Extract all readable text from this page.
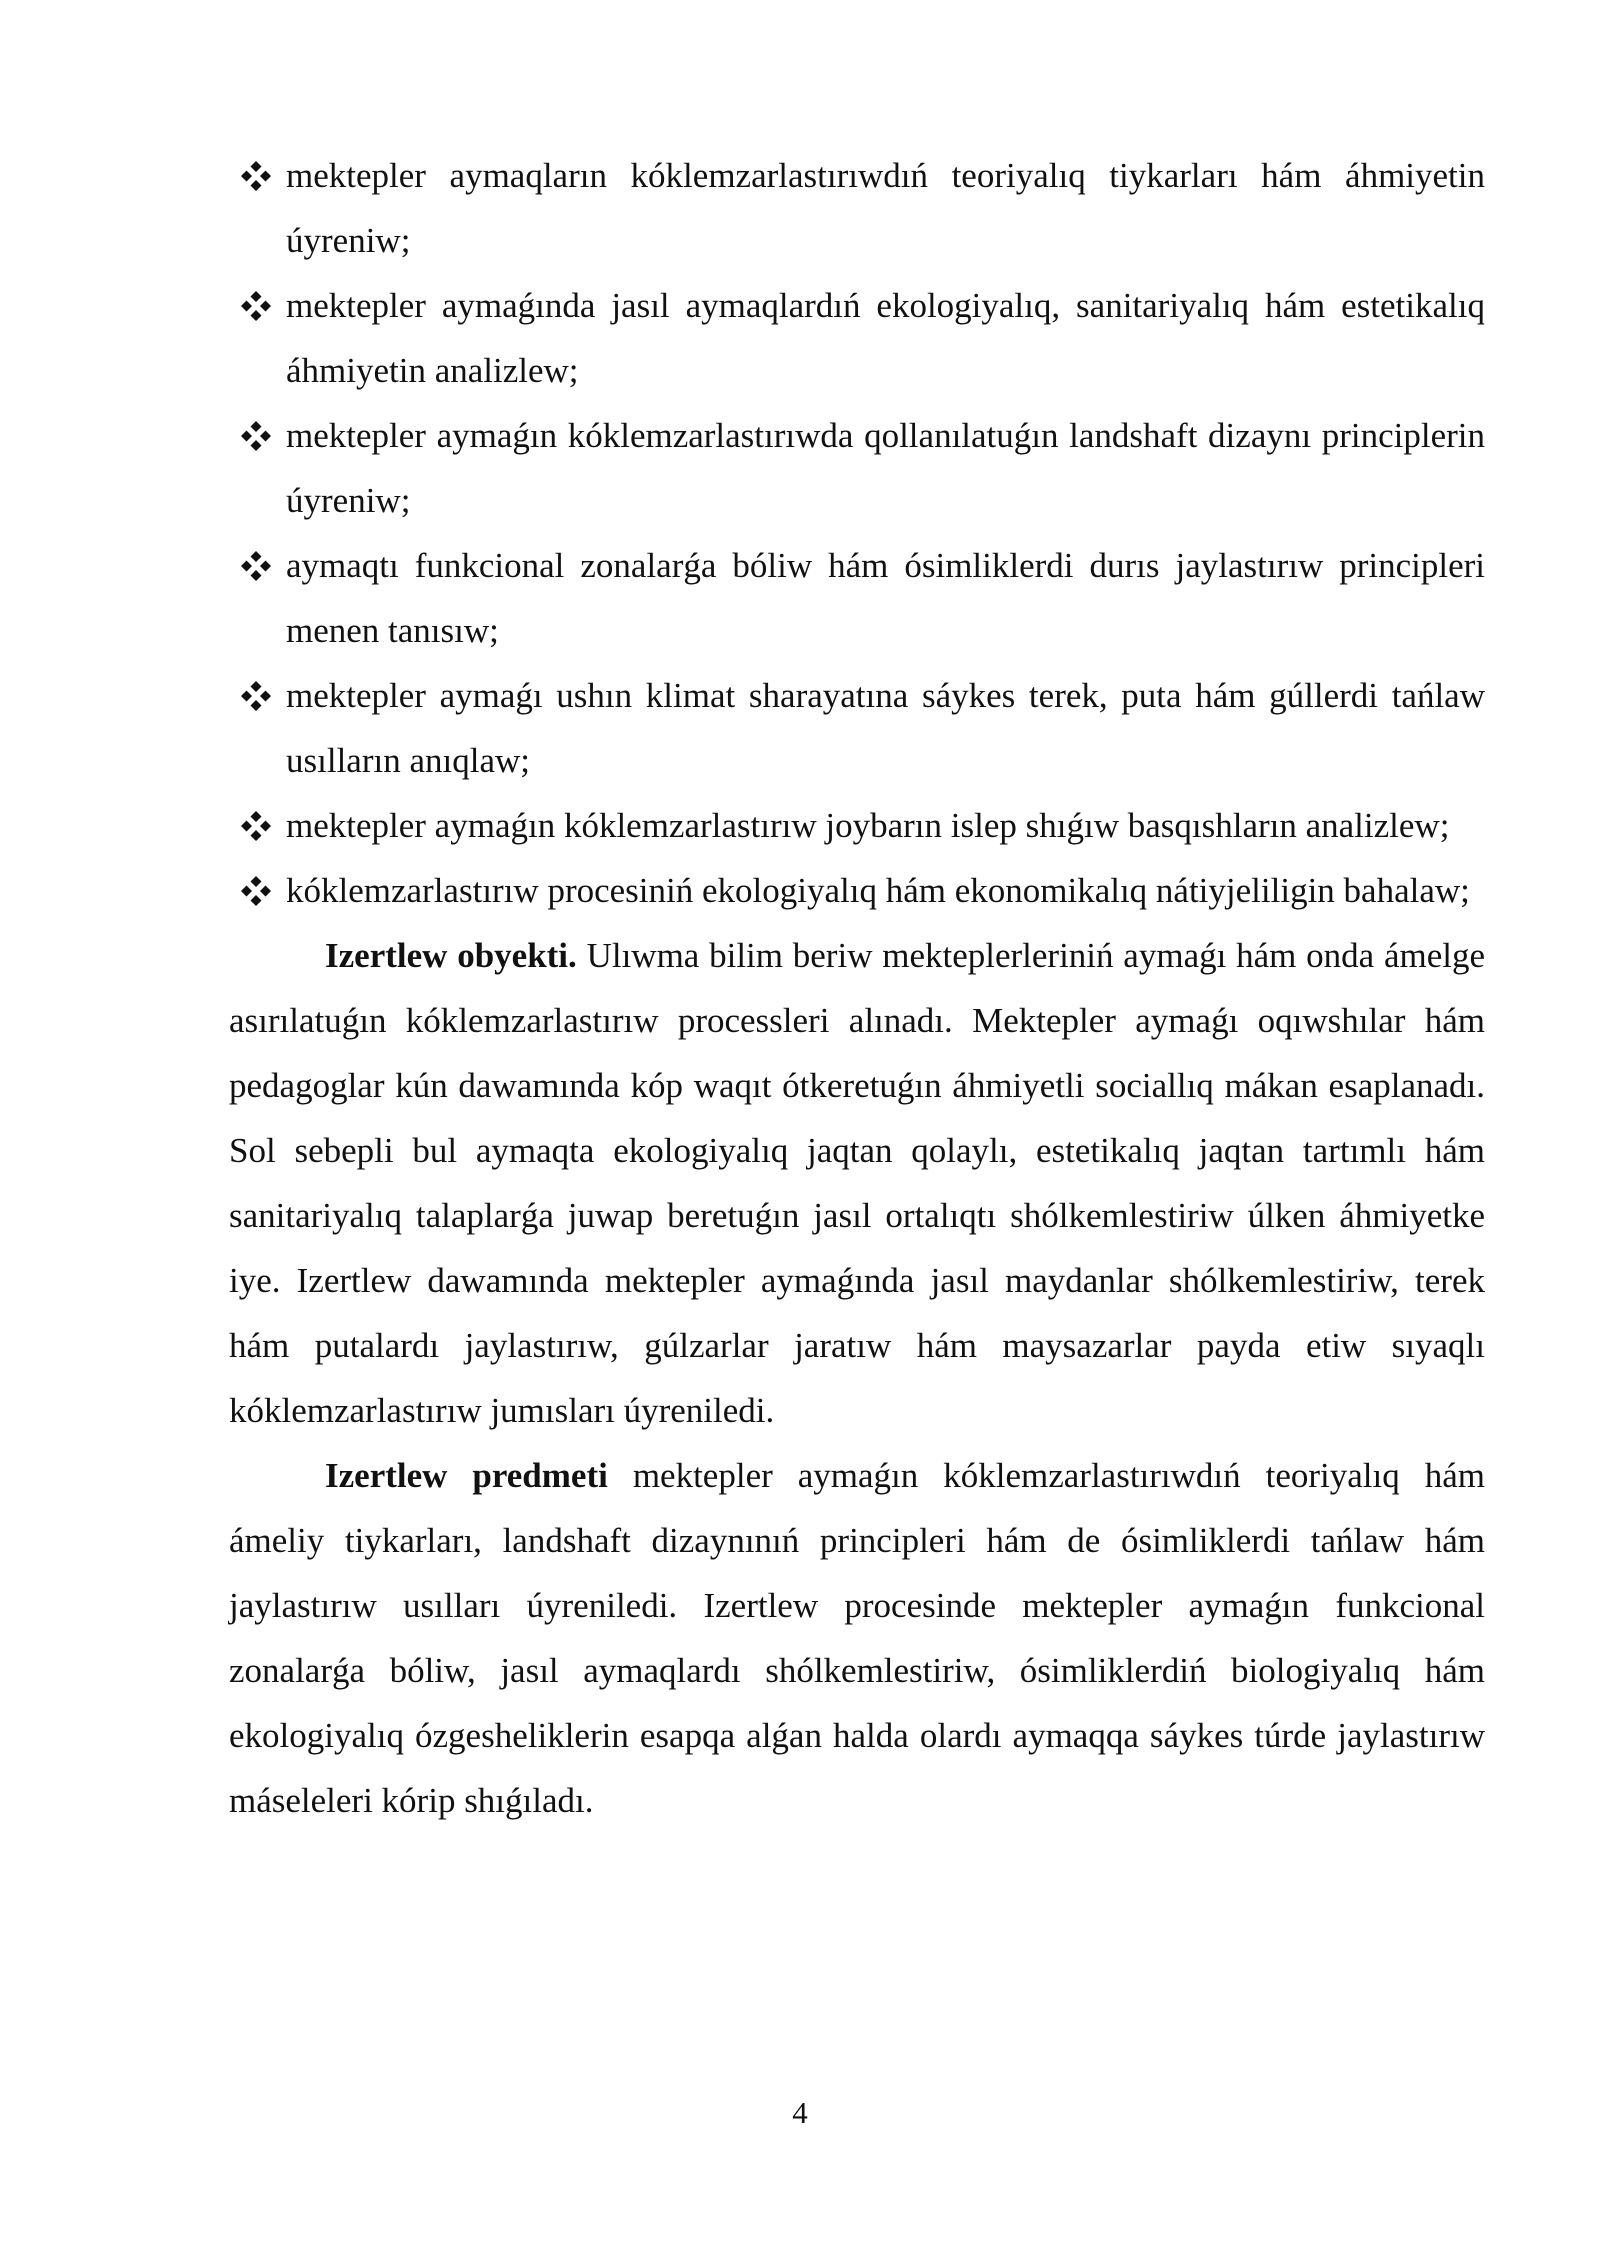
mektepler aymaqların kóklemzarlastırıwdıń teoriyalıq tiykarları hám áhmiyetin úyreniw;
mektepler aymaǵında jasıl aymaqlardıń ekologiyalıq, sanitariyalıq hám estetikalıq áhmiyetin analizlew;
mektepler aymaǵın kóklemzarlastırıwda qollanılatuǵın landshaft dizaynı principlerin úyreniw;
aymaqtı funkcional zonalarǵa bóliw hám ósimliklerdi durıs jaylastırıw principleri menen tanısıw;
mektepler aymaǵı ushın klimat sharayatına sáykes terek, puta hám gúllerdi tańlaw usılların anıqlaw;
mektepler aymaǵın kóklemzarlastırıw joybarın islep shıǵıw basqıshların analizlew;
kóklemzarlastırıw procesiniń ekologiyalıq hám ekonomikalıq nátiyjeliligin bahalaw;

Izertlew obyekti. Ulıwma bilim beriw mekteplerleriniń aymaǵı hám onda ámelge asırılatuǵın kóklemzarlastırıw processleri alınadı. Mektepler aymaǵı oqıwshılar hám pedagoglar kún dawamında kóp waqıt ótkeretuǵın áhmiyetli sociallıq mákan esaplanadı. Sol sebepli bul aymaqta ekologiyalıq jaqtan qolaylı, estetikalıq jaqtan tartımlı hám sanitariyalıq talaplarǵa juwap beretuǵın jasıl ortalıqtı shólkemlestiriw úlken áhmiyetke iye. Izertlew dawamında mektepler aymaǵında jasıl maydanlar shólkemlestiriw, terek hám putalardı jaylastırıw, gúlzarlar jaratıw hám maysazarlar payda etiw sıyaqlı kóklemzarlastırıw jumısları úyreniledi.

Izertlew predmeti mektepler aymaǵın kóklemzarlastırıwdıń teoriyalıq hám ámeliy tiykarları, landshaft dizaynınıń principleri hám de ósimliklerdi tańlaw hám jaylastırıw usılları úyreniledi. Izertlew procesinde mektepler aymaǵın funkcional zonalarǵa bóliw, jasıl aymaqlardı shólkemlestiriw, ósimliklerdiń biologiyalıq hám ekologiyalıq ózgesheliklerin esapqa alǵan halda olardı aymaqqa sáykes túrde jaylastırıw máseleleri kórip shıǵıladı.

4
